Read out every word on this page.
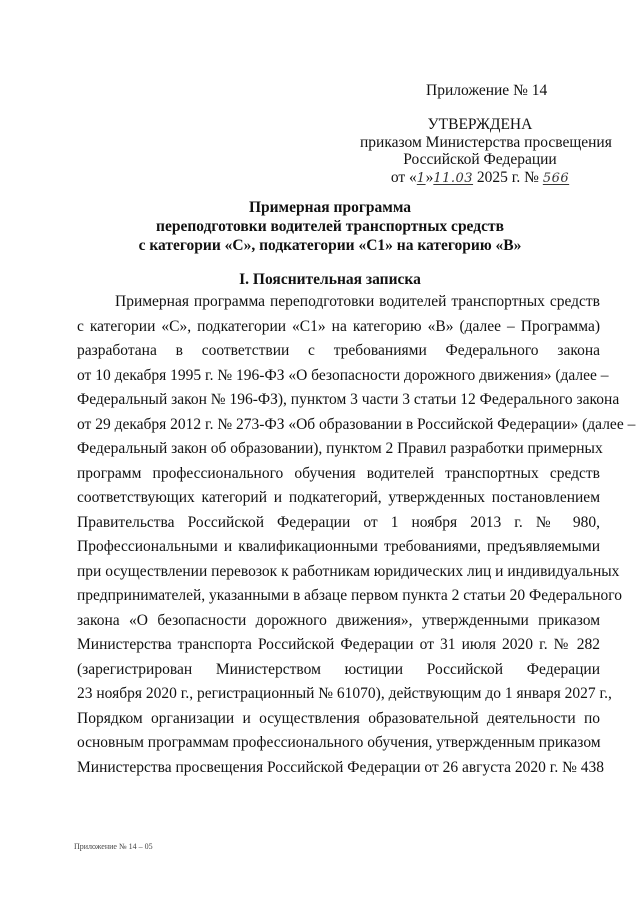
Приложение № 14
УТВЕРЖДЕНА
приказом Министерства просвещения
Российской Федерации
от «1»11.03 2025 г. № 566
Примерная программа
переподготовки водителей транспортных средств
с категории «С», подкатегории «С1» на категорию «В»
I. Пояснительная записка
Примерная программа переподготовки водителей транспортных средств
с категории «С», подкатегории «С1» на категорию «В» (далее – Программа)
разработана в соответствии с требованиями Федерального закона
от 10 декабря 1995 г. № 196-ФЗ «О безопасности дорожного движения» (далее –
Федеральный закон № 196-ФЗ), пунктом 3 части 3 статьи 12 Федерального закона
от 29 декабря 2012 г. № 273-ФЗ «Об образовании в Российской Федерации» (далее –
Федеральный закон об образовании), пунктом 2 Правил разработки примерных
программ профессионального обучения водителей транспортных средств
соответствующих категорий и подкатегорий, утвержденных постановлением
Правительства Российской Федерации от 1 ноября 2013 г. № 980,
Профессиональными и квалификационными требованиями, предъявляемыми
при осуществлении перевозок к работникам юридических лиц и индивидуальных
предпринимателей, указанными в абзаце первом пункта 2 статьи 20 Федерального
закона «О безопасности дорожного движения», утвержденными приказом
Министерства транспорта Российской Федерации от 31 июля 2020 г. № 282
(зарегистрирован Министерством юстиции Российской Федерации
23 ноября 2020 г., регистрационный № 61070), действующим до 1 января 2027 г.,
Порядком организации и осуществления образовательной деятельности по
основным программам профессионального обучения, утвержденным приказом
Министерства просвещения Российской Федерации от 26 августа 2020 г. № 438
Приложение № 14 – 05
